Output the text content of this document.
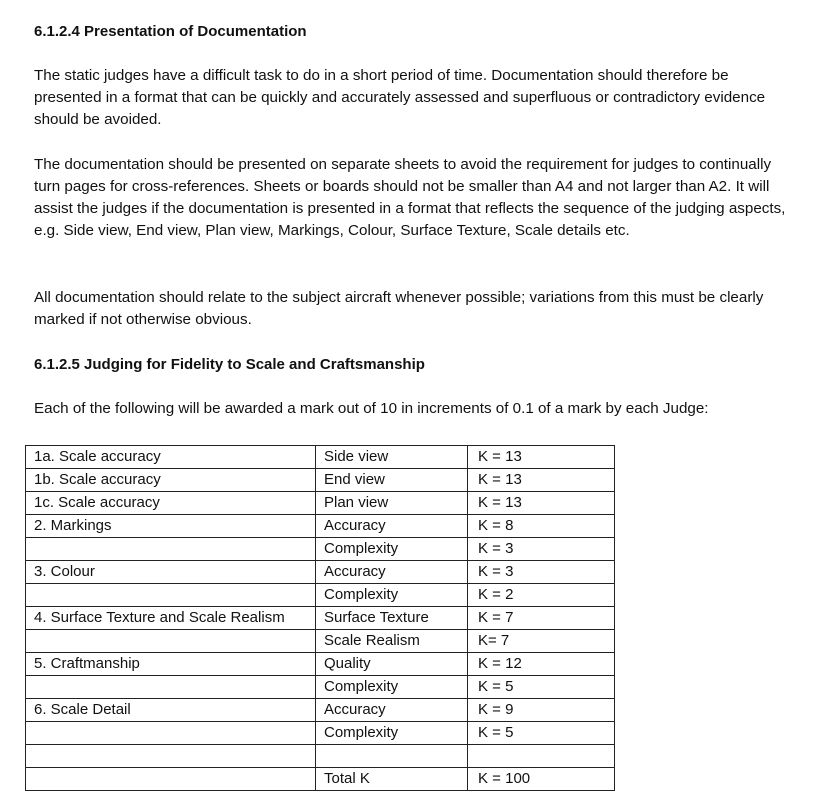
6.1.2.4 Presentation of Documentation

The static judges have a difficult task to do in a short period of time. Documentation should therefore be presented in a format that can be quickly and accurately assessed and superfluous or contradictory evidence should be avoided.

The documentation should be presented on separate sheets to avoid the requirement for judges to continually turn pages for cross-references. Sheets or boards should not be smaller than A4 and not larger than A2. It will assist the judges if the documentation is presented in a format that reflects the sequence of the judging aspects, e.g. Side view, End view, Plan view, Markings, Colour, Surface Texture, Scale details etc.

All documentation should relate to the subject aircraft whenever possible; variations from this must be clearly marked if not otherwise obvious.

6.1.2.5 Judging for Fidelity to Scale and Craftsmanship

Each of the following will be awarded a mark out of 10 in increments of 0.1 of a mark by each Judge:

1a. Scale accuracy	Side view	K = 13
1b. Scale accuracy	End view	K = 13
1c. Scale accuracy	Plan view	K = 13
2. Markings	Accuracy	K = 8
	Complexity	K = 3
3. Colour	Accuracy	K = 3
	Complexity	K = 2
4. Surface Texture and Scale Realism	Surface Texture	K = 7
	Scale Realism	K= 7
5. Craftmanship	Quality	K = 12
	Complexity	K = 5
6. Scale Detail	Accuracy	K = 9
	Complexity	K = 5

	Total K	K = 100
